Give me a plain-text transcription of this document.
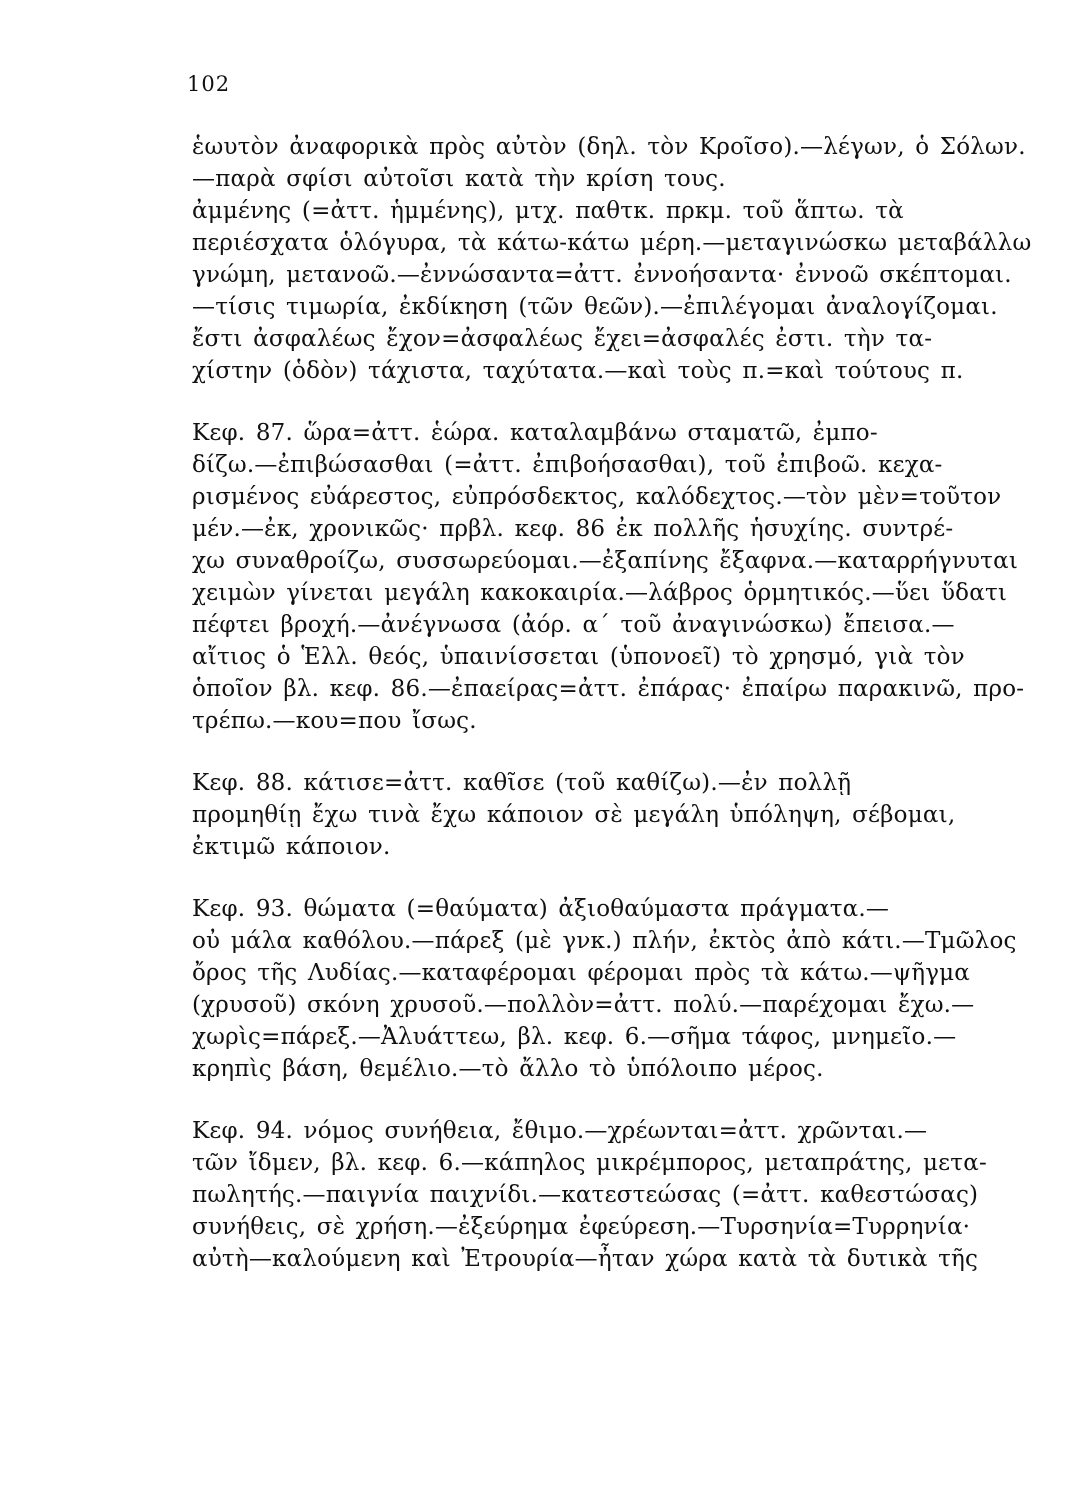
102
ἑωυτὸν ἀναφορικὰ πρὸς αὐτὸν (δηλ. τὸν Κροῖσο).—λέγων, ὁ Σόλων.
—παρὰ σφίσι αὐτοῖσι κατὰ τὴν κρίση τους.
ἀμμένης (=ἀττ. ἡμμένης), μτχ. παθτκ. πρκμ. τοῦ ἅπτω. τὰ
περιέσχατα ὁλόγυρα, τὰ κάτω-κάτω μέρη.—μεταγινώσκω μεταβάλλω
γνώμη, μετανοῶ.—ἐννώσαντα=ἀττ. ἐννοήσαντα· ἐννοῶ σκέπτομαι.
—τίσις τιμωρία, ἐκδίκηση (τῶν θεῶν).—ἐπιλέγομαι ἀναλογίζομαι.
ἔστι ἀσφαλέως ἔχον=ἀσφαλέως ἔχει=ἀσφαλές ἐστι. τὴν τα-
χίστην (ὁδὸν) τάχιστα, ταχύτατα.—καὶ τοὺς π.=καὶ τούτους π.
Κεφ. 87. ὥρα=ἀττ. ἑώρα. καταλαμβάνω σταματῶ, ἐμπο-
δίζω.—ἐπιβώσασθαι (=ἀττ. ἐπιβοήσασθαι), τοῦ ἐπιβοῶ. κεχα-
ρισμένος εὐάρεστος, εὐπρόσδεκτος, καλόδεχτος.—τὸν μὲν=τοῦτον
μέν.—ἐκ, χρονικῶς· πρβλ. κεφ. 86 ἐκ πολλῆς ἡσυχίης. συντρέ-
χω συναθροίζω, συσσωρεύομαι.—ἐξαπίνης ἔξαφνα.—καταρρήγνυται
χειμὼν γίνεται μεγάλη κακοκαιρία.—λάβρος ὁρμητικός.—ὕει ὕδατι
πέφτει βροχή.—ἀνέγνωσα (ἀόρ. α΄ τοῦ ἀναγινώσκω) ἔπεισα.—
αἴτιος ὁ Ἑλλ. θεός, ὑπαινίσσεται (ὑπονοεῖ) τὸ χρησμό, γιὰ τὸν
ὁποῖον βλ. κεφ. 86.—ἐπαείρας=ἀττ. ἐπάρας· ἐπαίρω παρακινῶ, προ-
τρέπω.—κου=που ἴσως.
Κεφ. 88. κάτισε=ἀττ. καθῖσε (τοῦ καθίζω).—ἐν πολλῇ
προμηθίῃ ἔχω τινὰ ἔχω κάποιον σὲ μεγάλη ὑπόληψη, σέβομαι,
ἐκτιμῶ κάποιον.
Κεφ. 93. θώματα (=θαύματα) ἀξιοθαύμαστα πράγματα.—
οὐ μάλα καθόλου.—πάρεξ (μὲ γνκ.) πλήν, ἐκτὸς ἀπὸ κάτι.—Τμῶλος
ὄρος τῆς Λυδίας.—καταφέρομαι φέρομαι πρὸς τὰ κάτω.—ψῆγμα
(χρυσοῦ) σκόνη χρυσοῦ.—πολλὸν=ἀττ. πολύ.—παρέχομαι ἔχω.—
χωρὶς=πάρεξ.—Ἀλυάττεω, βλ. κεφ. 6.—σῆμα τάφος, μνημεῖο.—
κρηπὶς βάση, θεμέλιο.—τὸ ἄλλο τὸ ὑπόλοιπο μέρος.
Κεφ. 94. νόμος συνήθεια, ἔθιμο.—χρέωνται=ἀττ. χρῶνται.—
τῶν ἴδμεν, βλ. κεφ. 6.—κάπηλος μικρέμπορος, μεταπράτης, μετα-
πωλητής.—παιγνία παιχνίδι.—κατεστεώσας (=ἀττ. καθεστώσας)
συνήθεις, σὲ χρήση.—ἐξεύρημα ἐφεύρεση.—Τυρσηνία=Τυρρηνία·
αὐτὴ—καλούμενη καὶ Ἐτρουρία—ἦταν χώρα κατὰ τὰ δυτικὰ τῆς
